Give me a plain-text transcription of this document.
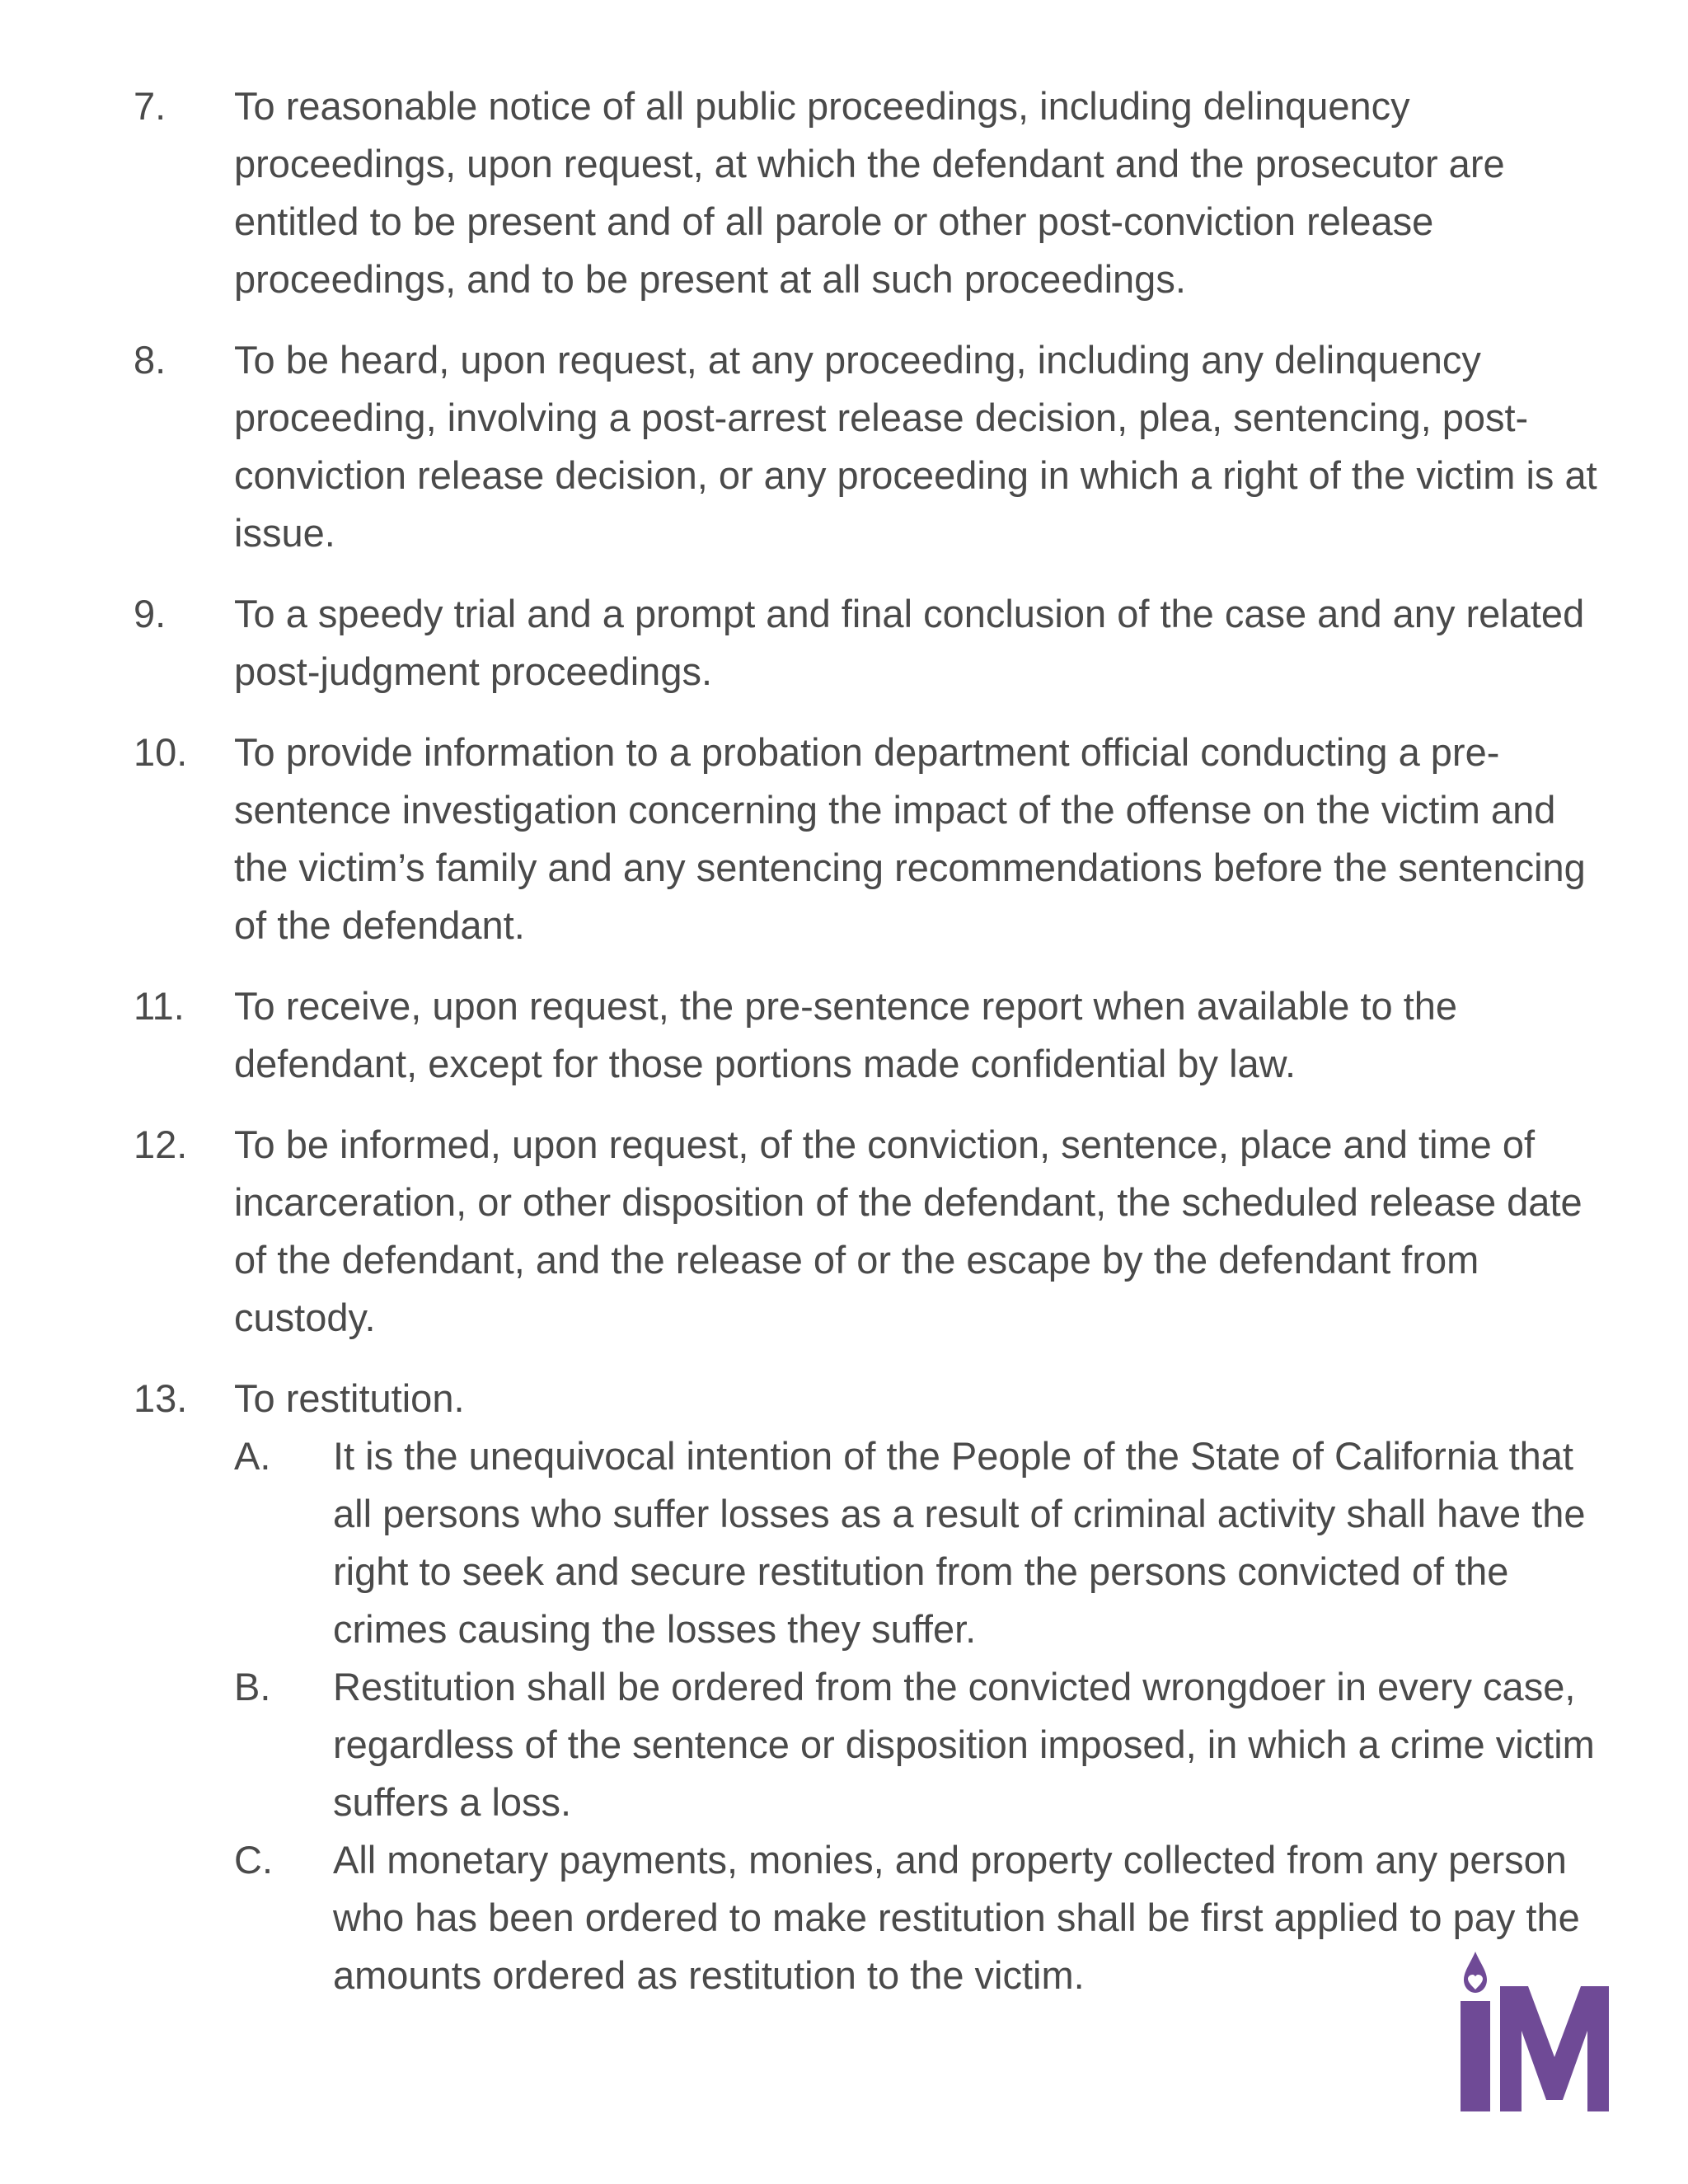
7. To reasonable notice of all public proceedings, including delinquency proceedings, upon request, at which the defendant and the prosecutor are entitled to be present and of all parole or other post-conviction release proceedings, and to be present at all such proceedings.
8. To be heard, upon request, at any proceeding, including any delinquency proceeding, involving a post-arrest release decision, plea, sentencing, post-conviction release decision, or any proceeding in which a right of the victim is at issue.
9. To a speedy trial and a prompt and final conclusion of the case and any related post-judgment proceedings.
10. To provide information to a probation department official conducting a pre-sentence investigation concerning the impact of the offense on the victim and the victim’s family and any sentencing recommendations before the sentencing of the defendant.
11. To receive, upon request, the pre-sentence report when available to the defendant, except for those portions made confidential by law.
12. To be informed, upon request, of the conviction, sentence, place and time of incarceration, or other disposition of the defendant, the scheduled release date of the defendant, and the release of or the escape by the defendant from custody.
13. To restitution.
A. It is the unequivocal intention of the People of the State of California that all persons who suffer losses as a result of criminal activity shall have the right to seek and secure restitution from the persons convicted of the crimes causing the losses they suffer.
B. Restitution shall be ordered from the convicted wrongdoer in every case, regardless of the sentence or disposition imposed, in which a crime victim suffers a loss.
C. All monetary payments, monies, and property collected from any person who has been ordered to make restitution shall be first applied to pay the amounts ordered as restitution to the victim.
